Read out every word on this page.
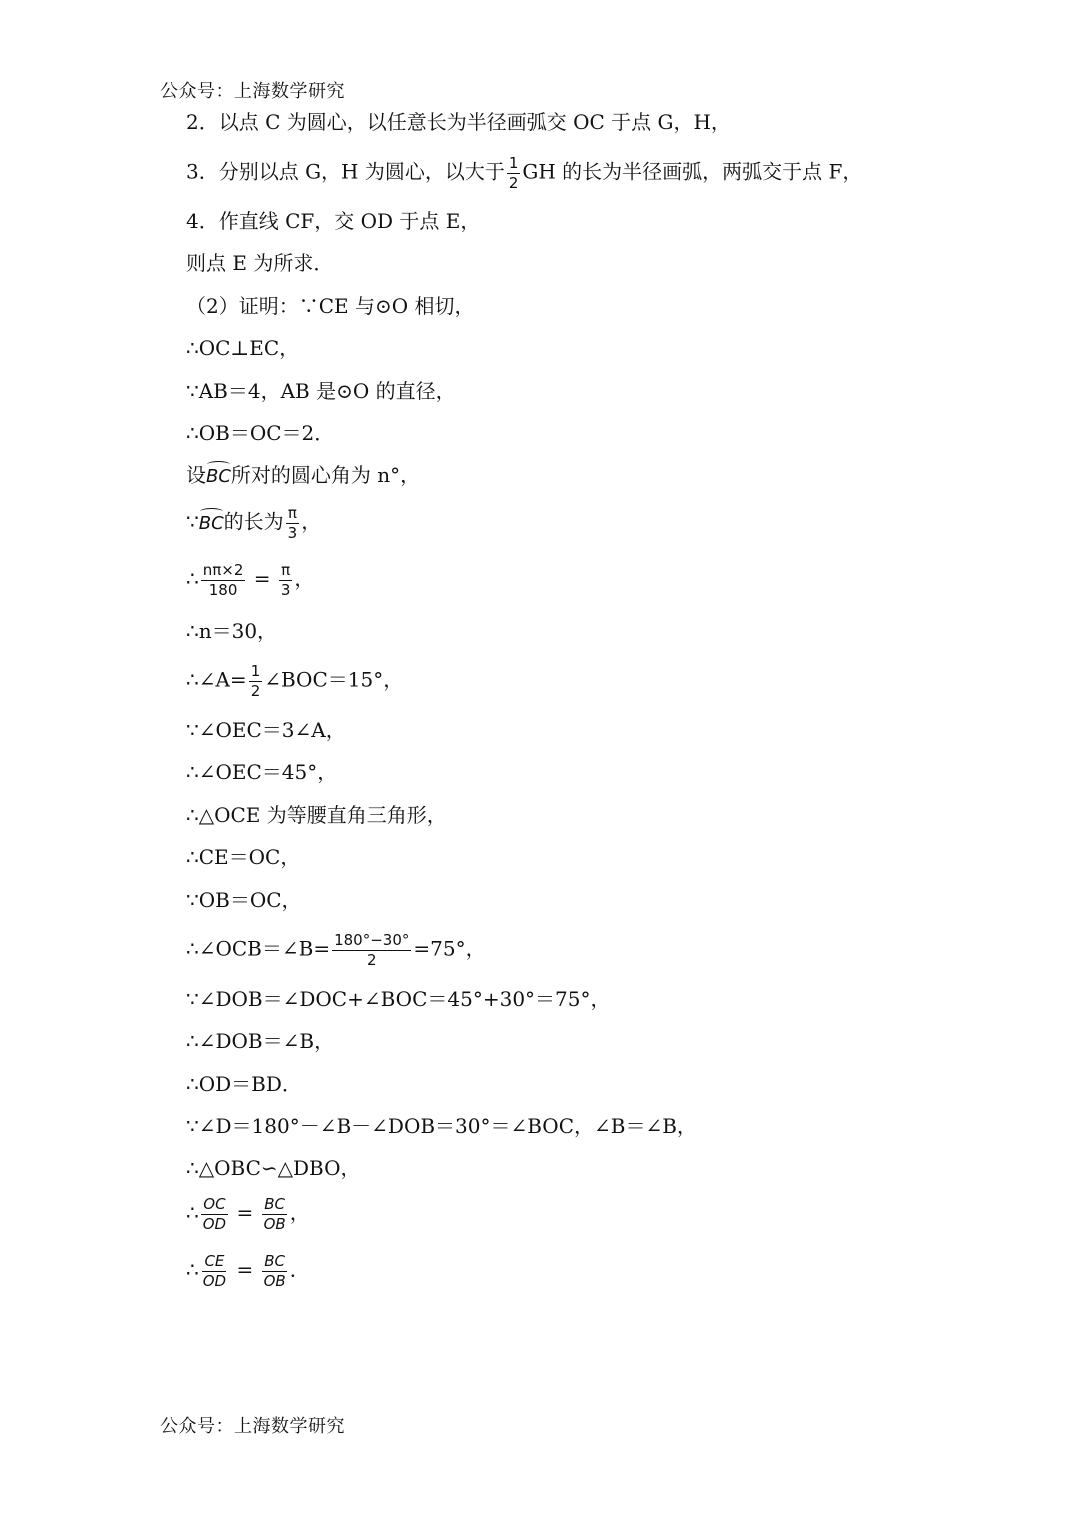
公众号：上海数学研究
2．以点 C 为圆心，以任意长为半径画弧交 OC 于点 G，H，
3．分别以点 G，H 为圆心，以大于 $\frac{1}{2}$ GH 的长为半径画弧，两弧交于点 F，
4．作直线 CF，交 OD 于点 E，
则点 E 为所求．
（2）证明：∵CE 与⊙O 相切，
∴OC⊥EC，
∵AB＝4，AB 是⊙O 的直径，
∴OB＝OC＝2．
设BC所对的圆心角为 n°，
∵BC的长为 $\frac{\pi}{3}$ ，
∴ $\frac{n\pi\times 2}{180} = \frac{\pi}{3}$ ，
∴n＝30，
∴∠A= $\frac{1}{2}$ ∠BOC＝15°，
∵∠OEC＝3∠A，
∴∠OEC＝45°，
∴△OCE 为等腰直角三角形，
∴CE＝OC，
∵OB＝OC，
∴∠OCB＝∠B= $\frac{180^\circ-30^\circ}{2} =75^\circ$，
∵∠DOB＝∠DOC+∠BOC＝45°+30°＝75°，
∴∠DOB＝∠B，
∴OD＝BD．
∵∠D＝180°－∠B－∠DOB＝30°＝∠BOC，∠B＝∠B，
∴△OBC∽△DBO，
∴ $\frac{OC}{OD} = \frac{BC}{OB}$ ，
∴ $\frac{CE}{OD} = \frac{BC}{OB}$ ．
公众号：上海数学研究
